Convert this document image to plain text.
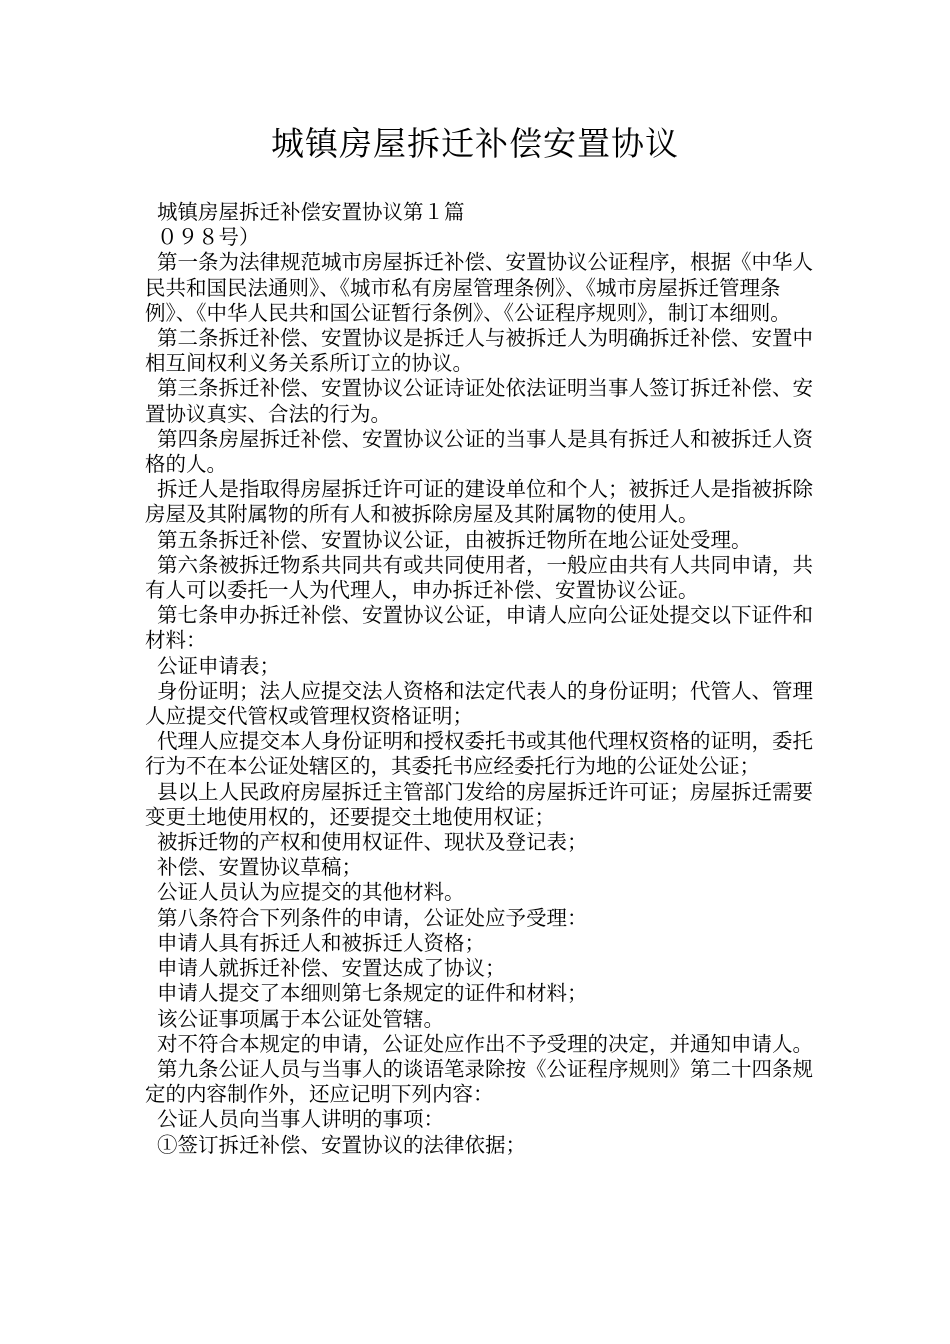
城镇房屋拆迁补偿安置协议

城镇房屋拆迁补偿安置协议第１篇

０９８号）

第一条为法律规范城市房屋拆迁补偿、安置协议公证程序，根据《中华人民共和国民法通则》、《城市私有房屋管理条例》、《城市房屋拆迁管理条例》、《中华人民共和国公证暂行条例》、《公证程序规则》，制订本细则。

第二条拆迁补偿、安置协议是拆迁人与被拆迁人为明确拆迁补偿、安置中相互间权利义务关系所订立的协议。

第三条拆迁补偿、安置协议公证诗证处依法证明当事人签订拆迁补偿、安置协议真实、合法的行为。

第四条房屋拆迁补偿、安置协议公证的当事人是具有拆迁人和被拆迁人资格的人。

拆迁人是指取得房屋拆迁许可证的建设单位和个人；被拆迁人是指被拆除房屋及其附属物的所有人和被拆除房屋及其附属物的使用人。

第五条拆迁补偿、安置协议公证，由被拆迁物所在地公证处受理。

第六条被拆迁物系共同共有或共同使用者，一般应由共有人共同申请，共有人可以委托一人为代理人，申办拆迁补偿、安置协议公证。

第七条申办拆迁补偿、安置协议公证，申请人应向公证处提交以下证件和材料：

公证申请表；

身份证明；法人应提交法人资格和法定代表人的身份证明；代管人、管理人应提交代管权或管理权资格证明；

代理人应提交本人身份证明和授权委托书或其他代理权资格的证明，委托行为不在本公证处辖区的，其委托书应经委托行为地的公证处公证；

县以上人民政府房屋拆迁主管部门发给的房屋拆迁许可证；房屋拆迁需要变更土地使用权的，还要提交土地使用权证；

被拆迁物的产权和使用权证件、现状及登记表；

补偿、安置协议草稿；

公证人员认为应提交的其他材料。

第八条符合下列条件的申请，公证处应予受理：

申请人具有拆迁人和被拆迁人资格；

申请人就拆迁补偿、安置达成了协议；

申请人提交了本细则第七条规定的证件和材料；

该公证事项属于本公证处管辖。

对不符合本规定的申请，公证处应作出不予受理的决定，并通知申请人。

第九条公证人员与当事人的谈语笔录除按《公证程序规则》第二十四条规定的内容制作外，还应记明下列内容：

公证人员向当事人讲明的事项：

①签订拆迁补偿、安置协议的法律依据；
